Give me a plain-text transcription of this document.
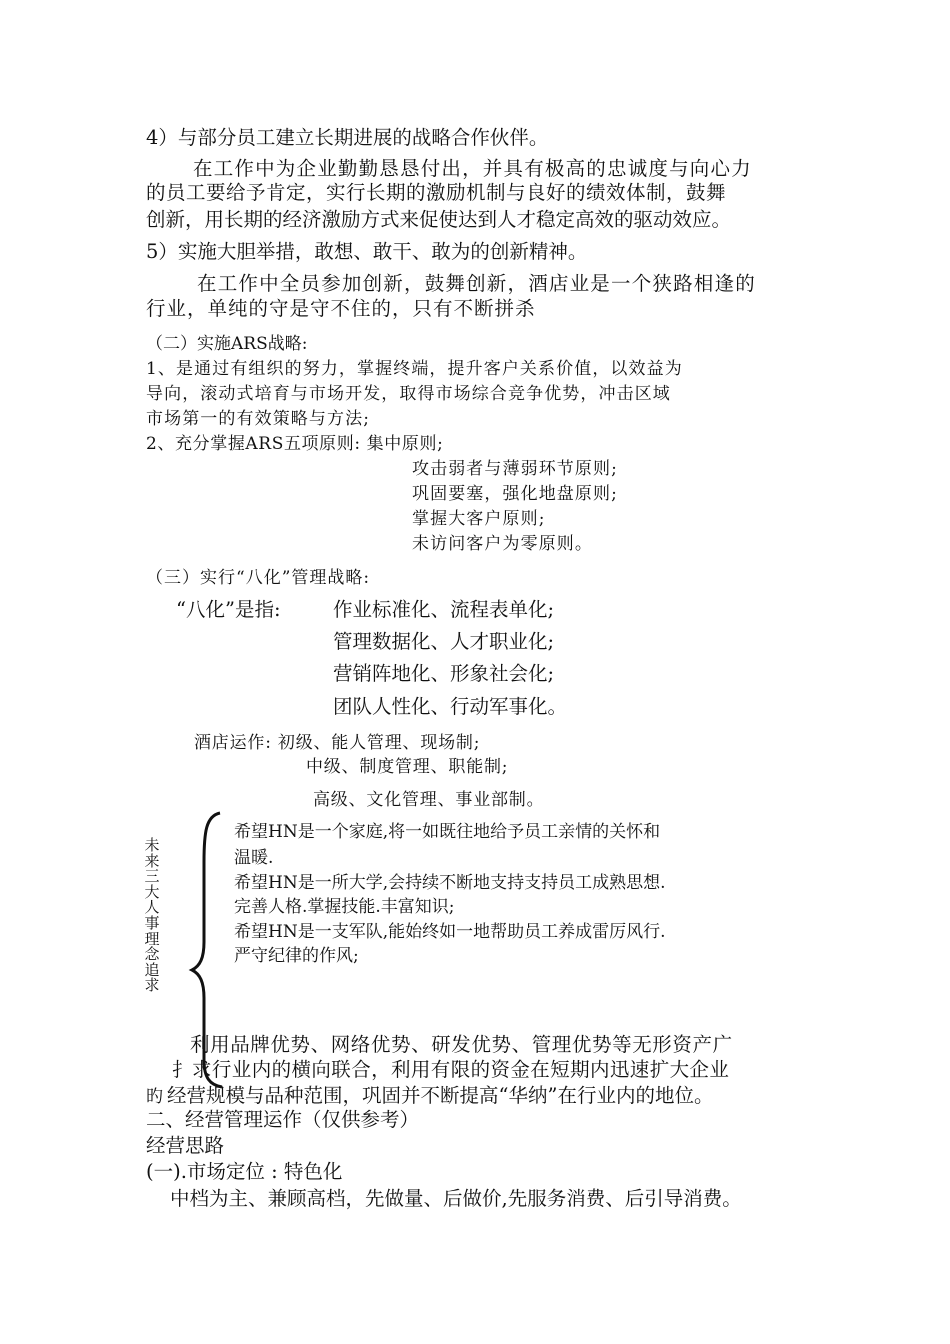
4）与部分员工建立长期进展的战略合作伙伴。
在工作中为企业勤勤恳恳付出，并具有极高的忠诚度与向心力
的员工要给予肯定，实行长期的激励机制与良好的绩效体制，鼓舞
创新，用长期的经济激励方式来促使达到人才稳定高效的驱动效应。
5）实施大胆举措，敢想、敢干、敢为的创新精神。
在工作中全员参加创新，鼓舞创新，酒店业是一个狭路相逢的
行业，单纯的守是守不住的，只有不断拼杀
（二）实施ARS战略:
1、是通过有组织的努力，掌握终端，提升客户关系价值，以效益为
导向，滚动式培育与市场开发，取得市场综合竞争优势，冲击区域
市场第一的有效策略与方法;
2、充分掌握ARS五项原则: 集中原则;
攻击弱者与薄弱环节原则;
巩固要塞，强化地盘原则;
掌握大客户原则;
未访问客户为零原则。
（三）实行“八化”管理战略:
“八化”是指:	作业标准化、流程表单化;
管理数据化、人才职业化;
营销阵地化、形象社会化;
团队人性化、行动军事化。
酒店运作: 初级、能人管理、现场制;
中级、制度管理、职能制;
高级、文化管理、事业部制。
未来三大人事理念追求
希望HN是一个家庭,将一如既往地给予员工亲情的关怀和
温暖.
希望HN是一所大学,会持续不断地支持支持员工成熟思想.
完善人格.掌握技能.丰富知识;
希望HN是一支军队,能始终如一地帮助员工养成雷厉风行.
严守纪律的作风;
利用品牌优势、网络优势、研发优势、管理优势等无形资产广
扌 求行业内的横向联合，利用有限的资金在短期内迅速扩大企业
旳 经营规模与品种范围，巩固并不断提高“华纳”在行业内的地位。
二、经营管理运作（仅供参考）
经营思路
(一).市场定位 : 特色化
中档为主、兼顾高档，先做量、后做价,先服务消费、后引导消费。
